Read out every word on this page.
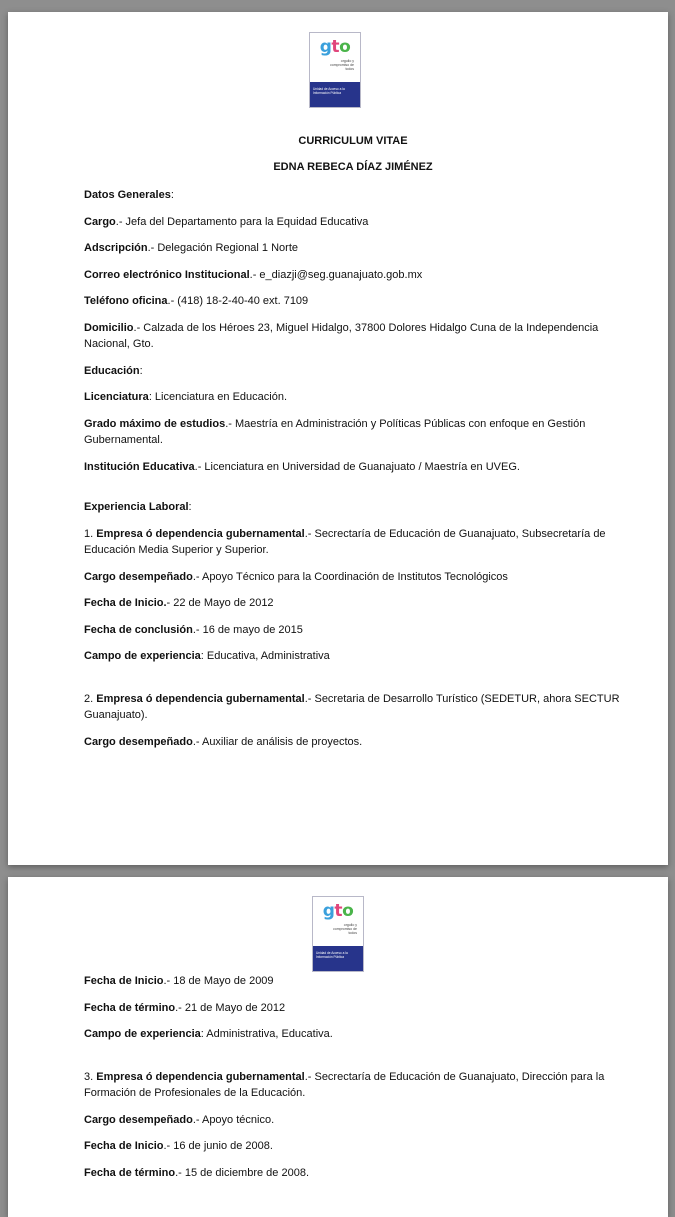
gto
orgullo y compromiso de todos
Unidad de Acceso a la Información Pública
CURRICULUM VITAE
EDNA REBECA DÍAZ JIMÉNEZ

Datos Generales:

Cargo.- Jefa del Departamento para la Equidad Educativa

Adscripción.- Delegación Regional 1 Norte

Correo electrónico Institucional.- e_diazji@seg.guanajuato.gob.mx

Teléfono oficina.- (418) 18-2-40-40 ext. 7109

Domicilio.- Calzada de los Héroes 23, Miguel Hidalgo, 37800 Dolores Hidalgo Cuna de la Independencia Nacional, Gto.

Educación:

Licenciatura: Licenciatura en Educación.

Grado máximo de estudios.- Maestría en Administración y Políticas Públicas con enfoque en Gestión Gubernamental.

Institución Educativa.- Licenciatura en Universidad de Guanajuato / Maestría en UVEG.

Experiencia Laboral:

1. Empresa ó dependencia gubernamental.- Secrectaría de Educación de Guanajuato, Subsecretaría de Educación Media Superior y Superior.

Cargo desempeñado.- Apoyo Técnico para la Coordinación de Institutos Tecnológicos

Fecha de Inicio.- 22 de Mayo de 2012

Fecha de conclusión.- 16 de mayo de 2015

Campo de experiencia: Educativa, Administrativa

2. Empresa ó dependencia gubernamental.- Secretaria de Desarrollo Turístico (SEDETUR, ahora SECTUR Guanajuato).

Cargo desempeñado.- Auxiliar de análisis de proyectos.

gto
orgullo y compromiso de todos
Unidad de Acceso a la Información Pública

Fecha de Inicio.- 18 de Mayo de 2009

Fecha de término.- 21 de Mayo de 2012

Campo de experiencia: Administrativa, Educativa.

3. Empresa ó dependencia gubernamental.- Secrectaría de Educación de Guanajuato, Dirección para la Formación de Profesionales de la Educación.

Cargo desempeñado.- Apoyo técnico.

Fecha de Inicio.- 16 de junio de 2008.

Fecha de término.- 15 de diciembre de 2008.
